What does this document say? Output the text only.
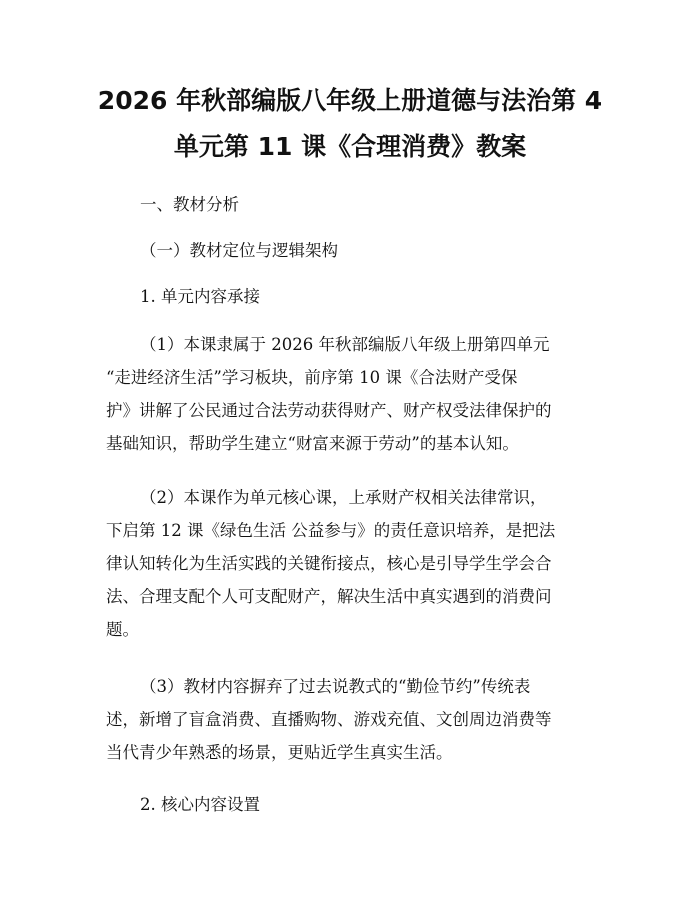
2026 年秋部编版八年级上册道德与法治第 4
单元第 11 课《合理消费》教案
一、教材分析
（一）教材定位与逻辑架构
1. 单元内容承接
（1）本课隶属于 2026 年秋部编版八年级上册第四单元
“走进经济生活”学习板块，前序第 10 课《合法财产受保
护》讲解了公民通过合法劳动获得财产、财产权受法律保护的
基础知识，帮助学生建立“财富来源于劳动”的基本认知。
（2）本课作为单元核心课，上承财产权相关法律常识，
下启第 12 课《绿色生活 公益参与》的责任意识培养，是把法
律认知转化为生活实践的关键衔接点，核心是引导学生学会合
法、合理支配个人可支配财产，解决生活中真实遇到的消费问
题。
（3）教材内容摒弃了过去说教式的“勤俭节约”传统表
述，新增了盲盒消费、直播购物、游戏充值、文创周边消费等
当代青少年熟悉的场景，更贴近学生真实生活。
2. 核心内容设置
